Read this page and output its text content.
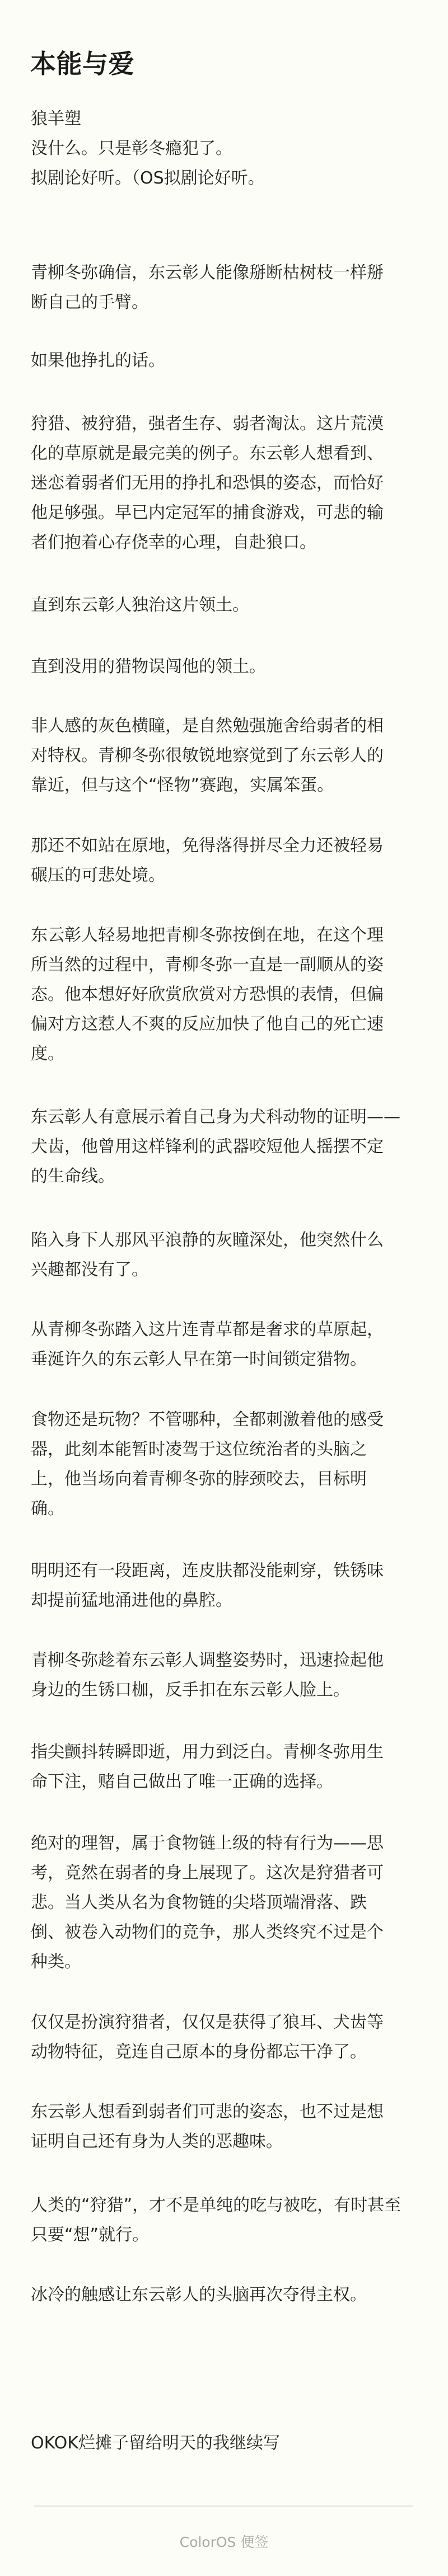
本能与爱
狼羊塑
没什么。只是彰冬瘾犯了。
拟剧论好听。（OS拟剧论好听。
青柳冬弥确信，东云彰人能像掰断枯树枝一样掰
断自己的手臂。
如果他挣扎的话。
狩猎、被狩猎，强者生存、弱者淘汰。这片荒漠
化的草原就是最完美的例子。东云彰人想看到、
迷恋着弱者们无用的挣扎和恐惧的姿态，而恰好
他足够强。早已内定冠军的捕食游戏，可悲的输
者们抱着心存侥幸的心理，自赴狼口。
直到东云彰人独治这片领土。
直到没用的猎物误闯他的领土。
非人感的灰色横瞳，是自然勉强施舍给弱者的相
对特权。青柳冬弥很敏锐地察觉到了东云彰人的
靠近，但与这个“怪物”赛跑，实属笨蛋。
那还不如站在原地，免得落得拼尽全力还被轻易
碾压的可悲处境。
东云彰人轻易地把青柳冬弥按倒在地，在这个理
所当然的过程中，青柳冬弥一直是一副顺从的姿
态。他本想好好欣赏欣赏对方恐惧的表情，但偏
偏对方这惹人不爽的反应加快了他自己的死亡速
度。
东云彰人有意展示着自己身为犬科动物的证明——
犬齿，他曾用这样锋利的武器咬短他人摇摆不定
的生命线。
陷入身下人那风平浪静的灰瞳深处，他突然什么
兴趣都没有了。
从青柳冬弥踏入这片连青草都是奢求的草原起，
垂涎许久的东云彰人早在第一时间锁定猎物。
食物还是玩物？不管哪种，全都刺激着他的感受
器，此刻本能暂时凌驾于这位统治者的头脑之
上，他当场向着青柳冬弥的脖颈咬去，目标明
确。
明明还有一段距离，连皮肤都没能刺穿，铁锈味
却提前猛地涌进他的鼻腔。
青柳冬弥趁着东云彰人调整姿势时，迅速捡起他
身边的生锈口枷，反手扣在东云彰人脸上。
指尖颤抖转瞬即逝，用力到泛白。青柳冬弥用生
命下注，赌自己做出了唯一正确的选择。
绝对的理智，属于食物链上级的特有行为——思
考，竟然在弱者的身上展现了。这次是狩猎者可
悲。当人类从名为食物链的尖塔顶端滑落、跌
倒、被卷入动物们的竞争，那人类终究不过是个
种类。
仅仅是扮演狩猎者，仅仅是获得了狼耳、犬齿等
动物特征，竟连自己原本的身份都忘干净了。
东云彰人想看到弱者们可悲的姿态，也不过是想
证明自己还有身为人类的恶趣味。
人类的“狩猎”，才不是单纯的吃与被吃，有时甚至
只要“想”就行。
冰冷的触感让东云彰人的头脑再次夺得主权。
OKOK烂摊子留给明天的我继续写
ColorOS 便签
